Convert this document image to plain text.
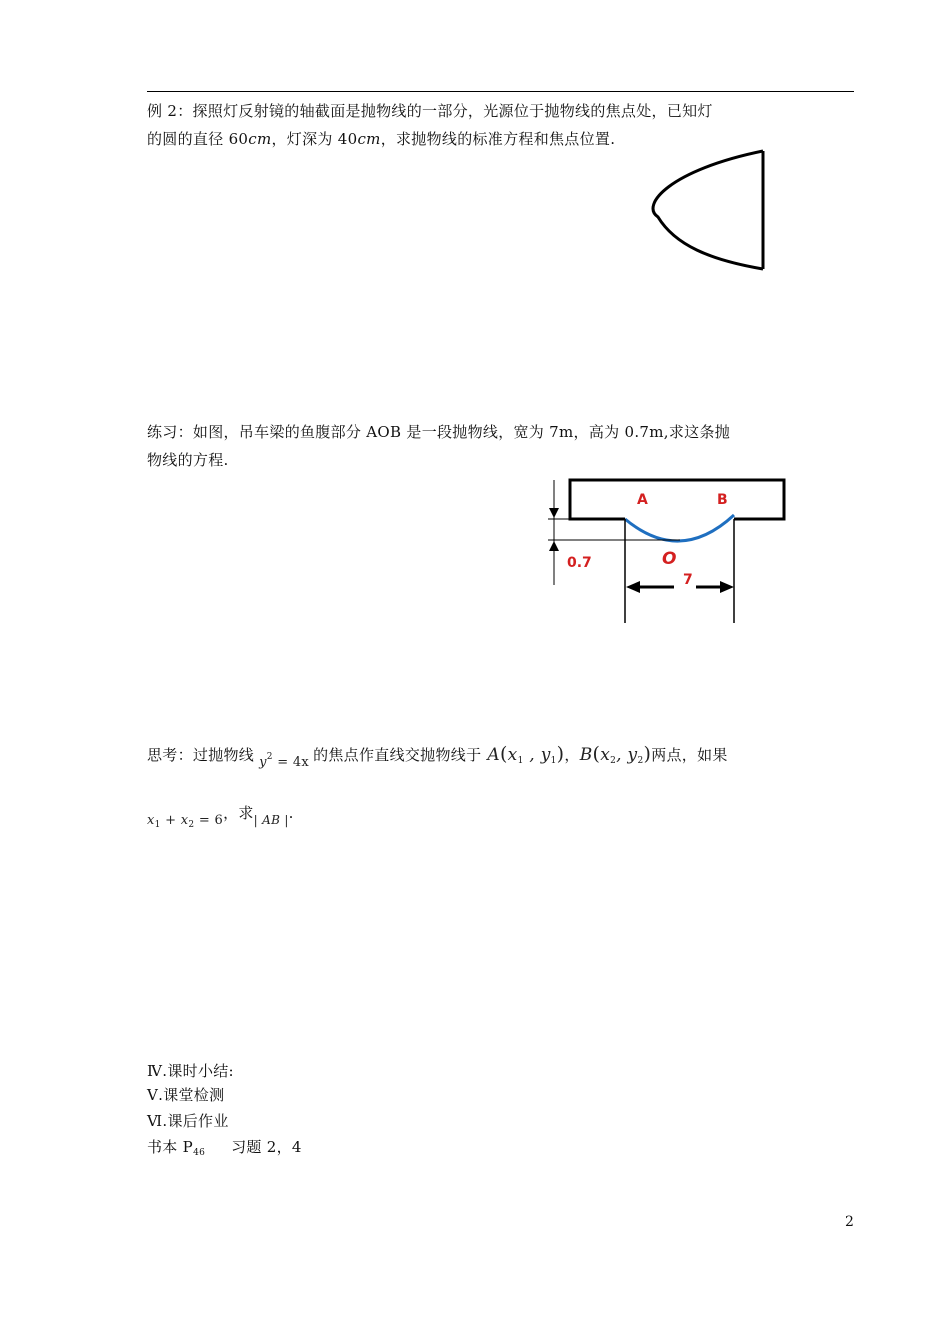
例 2：探照灯反射镜的轴截面是抛物线的一部分，光源位于抛物线的焦点处，已知灯
的圆的直径 60cm，灯深为 40cm，求抛物线的标准方程和焦点位置.
练习：如图，吊车梁的鱼腹部分 AOB 是一段抛物线，宽为 7m，高为 0.7m,求这条抛
物线的方程.
A	B
O
0.7
7
思考：过抛物线 $y^2 = 4x$ 的焦点作直线交抛物线于 $A(x_1$ , $y_1$)，$B(x_2$, $y_2$)两点，如果
$x_1 + x_2 = 6$，求$_{| AB |}$.
Ⅳ.课时小结:
Ⅴ.课堂检测
Ⅵ.课后作业
书本 $P_{46}$ 习题 2，4
2
